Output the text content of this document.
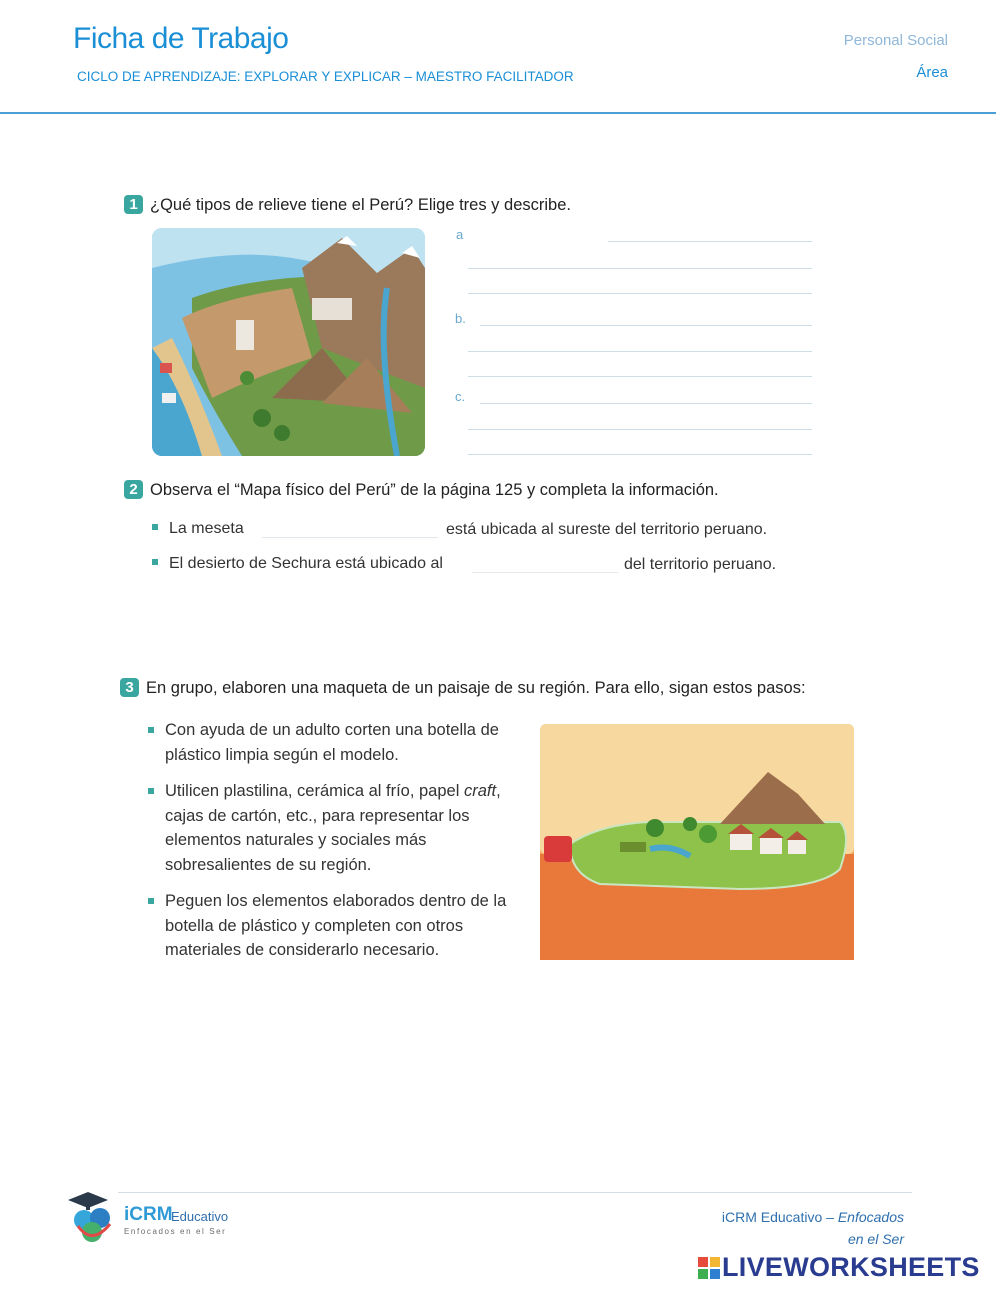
Ficha de Trabajo
CICLO DE APRENDIZAJE: EXPLORAR Y EXPLICAR – MAESTRO FACILITADOR
Personal Social
Área
1 ¿Qué tipos de relieve tiene el Perú? Elige tres y describe.
a
b.
c.
2 Observa el “Mapa físico del Perú” de la página 125 y completa la información.
La meseta	está ubicada al sureste del territorio peruano.
El desierto de Sechura está ubicado al	del territorio peruano.
3 En grupo, elaboren una maqueta de un paisaje de su región. Para ello, sigan estos pasos:
Con ayuda de un adulto corten una botella de plástico limpia según el modelo.
Utilicen plastilina, cerámica al frío, papel craft, cajas de cartón, etc., para representar los elementos naturales y sociales más sobresalientes de su región.
Peguen los elementos elaborados dentro de la botella de plástico y completen con otros materiales de considerarlo necesario.
iCRM
Educativo
Enfocados en el Ser
iCRM Educativo – Enfocados en el Ser
LIVEWORKSHEETS
